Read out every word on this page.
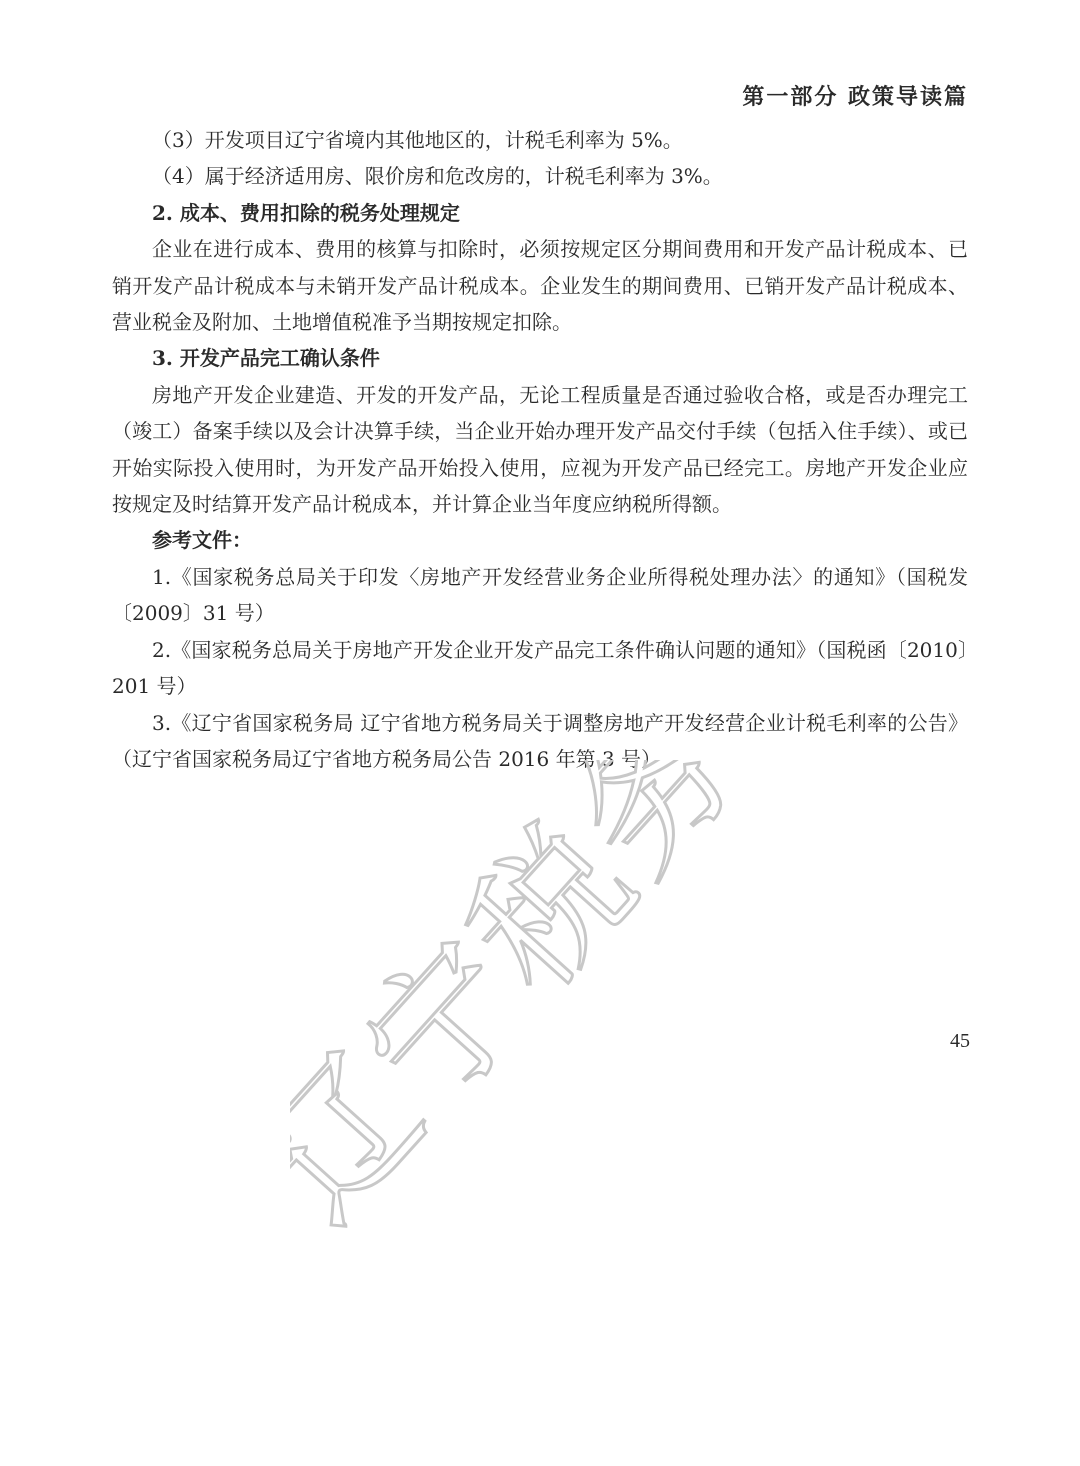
第一部分 政策导读篇

（3）开发项目辽宁省境内其他地区的，计税毛利率为 5%。

（4）属于经济适用房、限价房和危改房的，计税毛利率为 3%。

2. 成本、费用扣除的税务处理规定

企业在进行成本、费用的核算与扣除时，必须按规定区分期间费用和开发产品计税成本、已销开发产品计税成本与未销开发产品计税成本。企业发生的期间费用、已销开发产品计税成本、营业税金及附加、土地增值税准予当期按规定扣除。

3. 开发产品完工确认条件

房地产开发企业建造、开发的开发产品，无论工程质量是否通过验收合格，或是否办理完工（竣工）备案手续以及会计决算手续，当企业开始办理开发产品交付手续（包括入住手续）、或已开始实际投入使用时，为开发产品开始投入使用，应视为开发产品已经完工。房地产开发企业应按规定及时结算开发产品计税成本，并计算企业当年度应纳税所得额。

参考文件：

1.《国家税务总局关于印发〈房地产开发经营业务企业所得税处理办法〉的通知》（国税发〔2009〕31 号）

2.《国家税务总局关于房地产开发企业开发产品完工条件确认问题的通知》（国税函〔2010〕201 号）

3.《辽宁省国家税务局 辽宁省地方税务局关于调整房地产开发经营企业计税毛利率的公告》（辽宁省国家税务局辽宁省地方税务局公告 2016 年第 3 号）

辽宁税务	45
